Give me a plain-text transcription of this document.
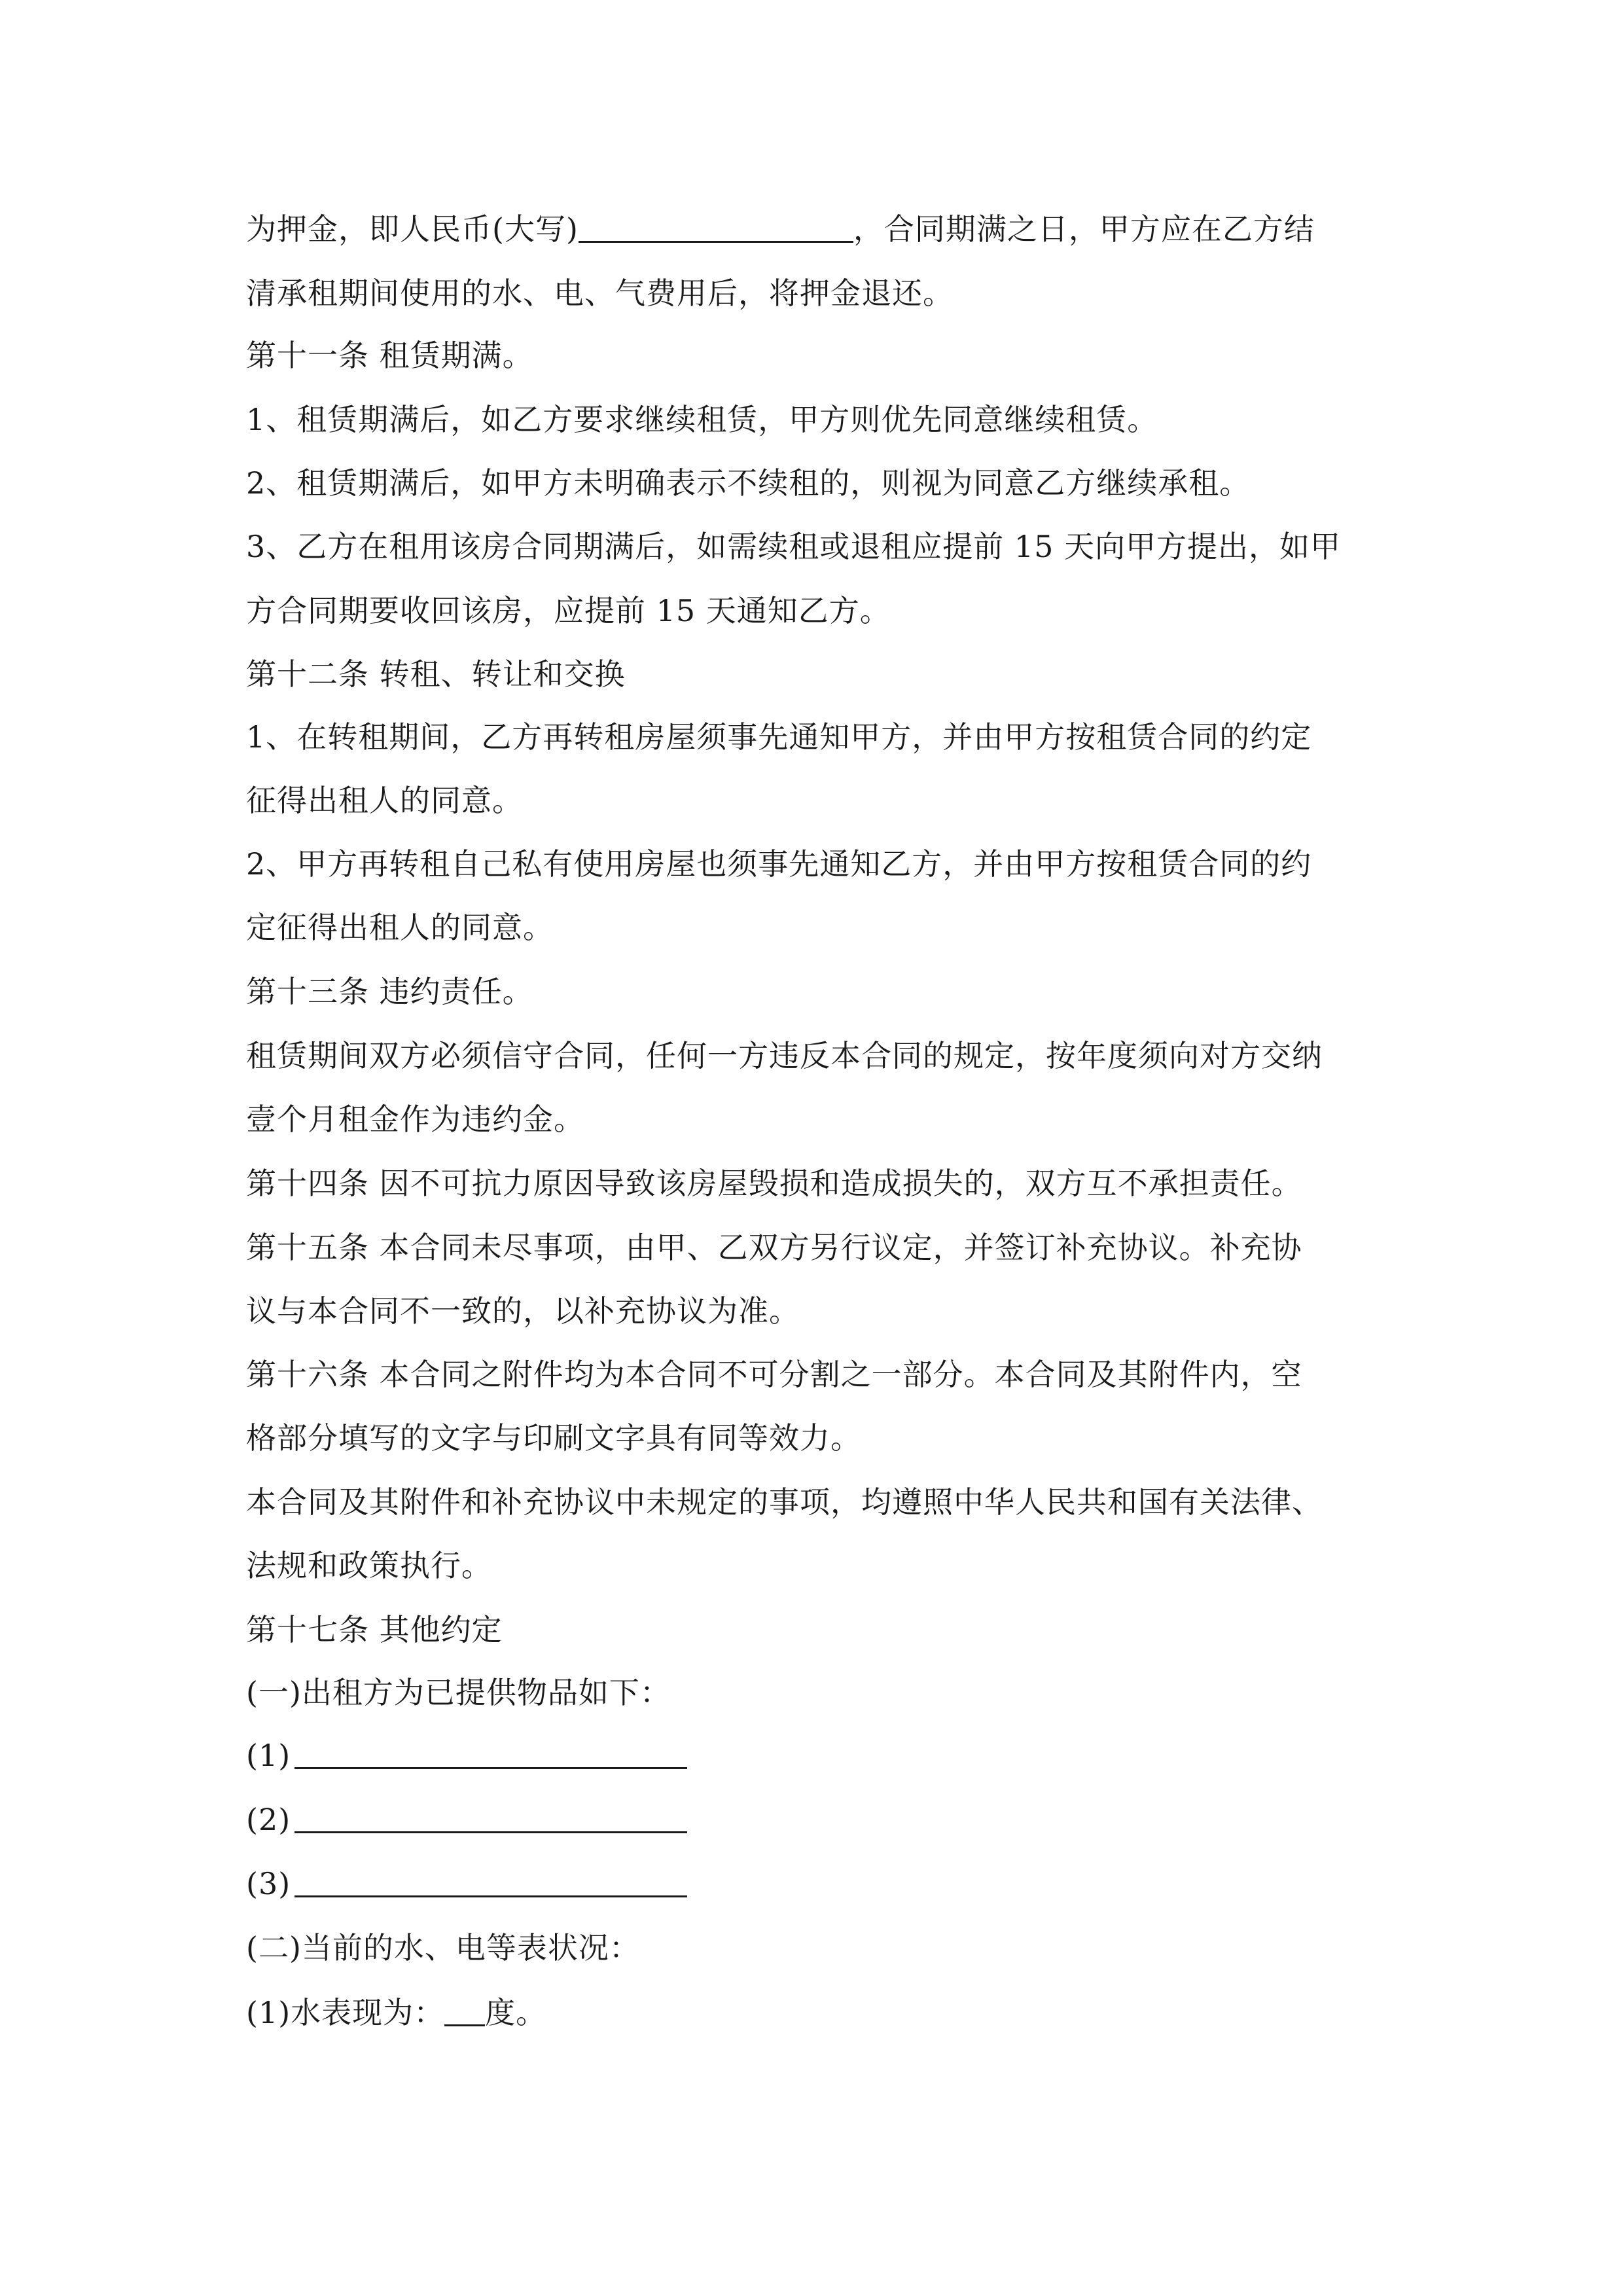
为押金，即人民币(大写)	，合同期满之日，甲方应在乙方结
清承租期间使用的水、电、气费用后，将押金退还。
第十一条 租赁期满。
1、租赁期满后，如乙方要求继续租赁，甲方则优先同意继续租赁。
2、租赁期满后，如甲方未明确表示不续租的，则视为同意乙方继续承租。
3、乙方在租用该房合同期满后，如需续租或退租应提前 15 天向甲方提出，如甲
方合同期要收回该房，应提前 15 天通知乙方。
第十二条 转租、转让和交换
1、在转租期间，乙方再转租房屋须事先通知甲方，并由甲方按租赁合同的约定
征得出租人的同意。
2、甲方再转租自己私有使用房屋也须事先通知乙方，并由甲方按租赁合同的约
定征得出租人的同意。
第十三条 违约责任。
租赁期间双方必须信守合同，任何一方违反本合同的规定，按年度须向对方交纳
壹个月租金作为违约金。
第十四条 因不可抗力原因导致该房屋毁损和造成损失的，双方互不承担责任。
第十五条 本合同未尽事项，由甲、乙双方另行议定，并签订补充协议。补充协
议与本合同不一致的，以补充协议为准。
第十六条 本合同之附件均为本合同不可分割之一部分。本合同及其附件内，空
格部分填写的文字与印刷文字具有同等效力。
本合同及其附件和补充协议中未规定的事项，均遵照中华人民共和国有关法律、
法规和政策执行。
第十七条 其他约定
(一)出租方为已提供物品如下：
(1)
(2)
(3)
(二)当前的水、电等表状况：
(1)水表现为： 度。
